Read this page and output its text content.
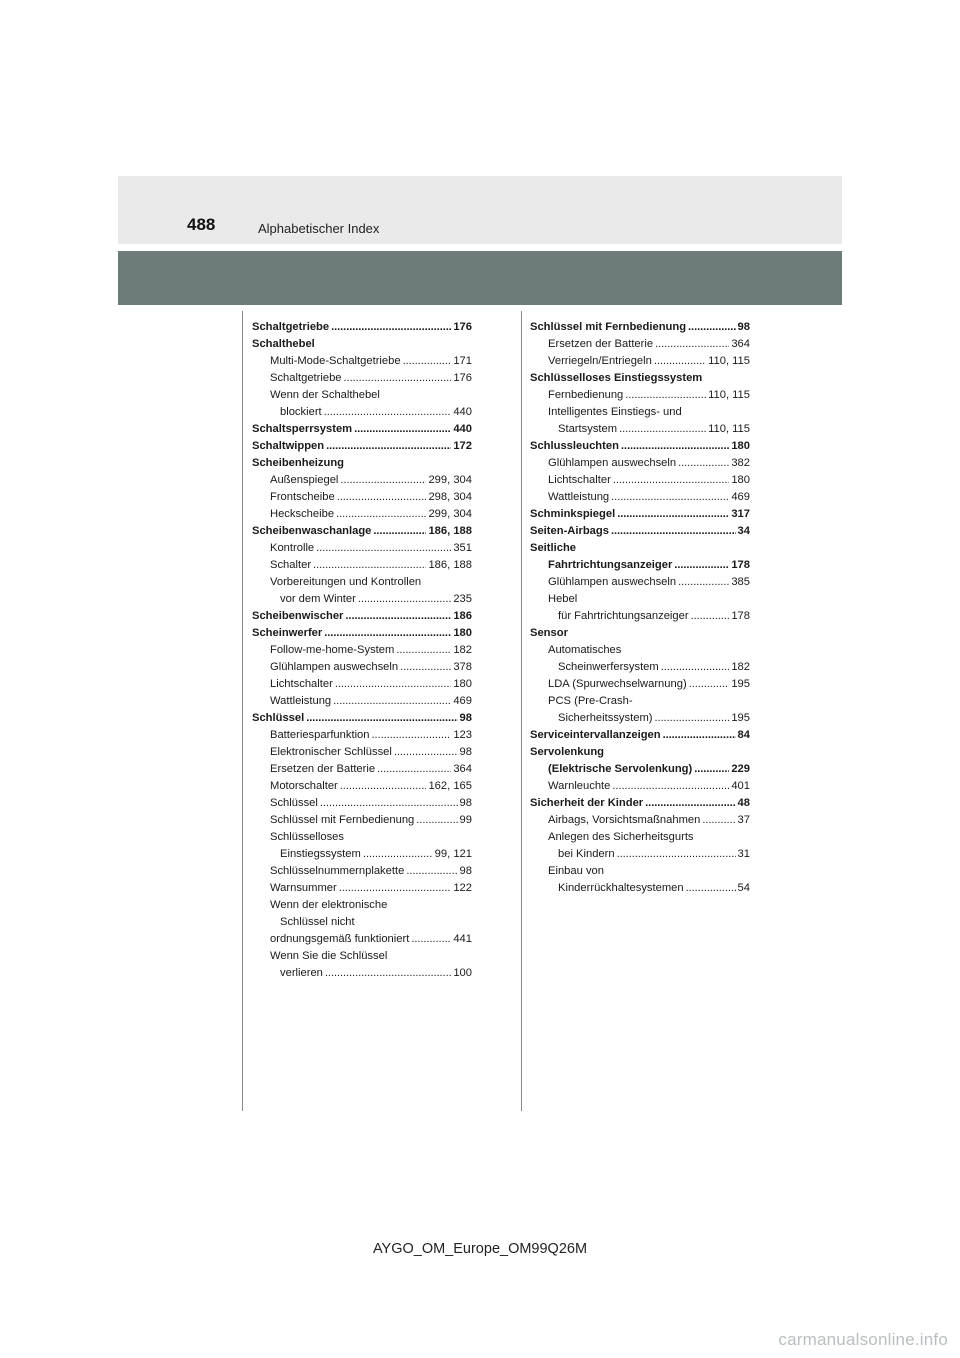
488	Alphabetischer Index
Schaltgetriebe . . .	176
Schalthebel
Multi-Mode-Schaltgetriebe . . .	171
Schaltgetriebe . . .	176
Wenn der Schalthebel
blockiert . . .	440
Schaltsperrsystem . . .	440
Schaltwippen . . .	172
Scheibenheizung
Außenspiegel . . .	299, 304
Frontscheibe . . .	298, 304
Heckscheibe . . .	299, 304
Scheibenwaschanlage . . .	186, 188
Kontrolle . . .	351
Schalter . . .	186, 188
Vorbereitungen und Kontrollen
vor dem Winter . . .	235
Scheibenwischer . . .	186
Scheinwerfer . . .	180
Follow-me-home-System . . .	182
Glühlampen auswechseln . . .	378
Lichtschalter . . .	180
Wattleistung . . .	469
Schlüssel . . .	98
Batteriesparfunktion . . .	123
Elektronischer Schlüssel . . .	98
Ersetzen der Batterie . . .	364
Motorschalter . . .	162, 165
Schlüssel . . .	98
Schlüssel mit Fernbedienung . . .	99
Schlüsselloses
Einstiegssystem . . .	99, 121
Schlüsselnummernplakette . . .	98
Warnsummer . . .	122
Wenn der elektronische
Schlüssel nicht
ordnungsgemäß funktioniert . . .	441
Wenn Sie die Schlüssel
verlieren . . .	100
Schlüssel mit Fernbedienung . . .	98
Ersetzen der Batterie . . .	364
Verriegeln/Entriegeln . . .	110, 115
Schlüsselloses Einstiegssystem
Fernbedienung . . .	110, 115
Intelligentes Einstiegs- und
Startsystem . . .	110, 115
Schlussleuchten . . .	180
Glühlampen auswechseln . . .	382
Lichtschalter . . .	180
Wattleistung . . .	469
Schminkspiegel . . .	317
Seiten-Airbags . . .	34
Seitliche
Fahrtrichtungsanzeiger . . .	178
Glühlampen auswechseln . . .	385
Hebel
für Fahrtrichtungsanzeiger . . .	178
Sensor
Automatisches
Scheinwerfersystem . . .	182
LDA (Spurwechselwarnung) . . .	195
PCS (Pre-Crash-
Sicherheitssystem) . . .	195
Serviceintervallanzeigen . . .	84
Servolenkung
(Elektrische Servolenkung) . . .	229
Warnleuchte . . .	401
Sicherheit der Kinder . . .	48
Airbags, Vorsichtsmaßnahmen . . .	37
Anlegen des Sicherheitsgurts
bei Kindern . . .	31
Einbau von
Kinderrückhaltesystemen . . .	54
AYGO_OM_Europe_OM99Q26M
carmanualsonline.info
